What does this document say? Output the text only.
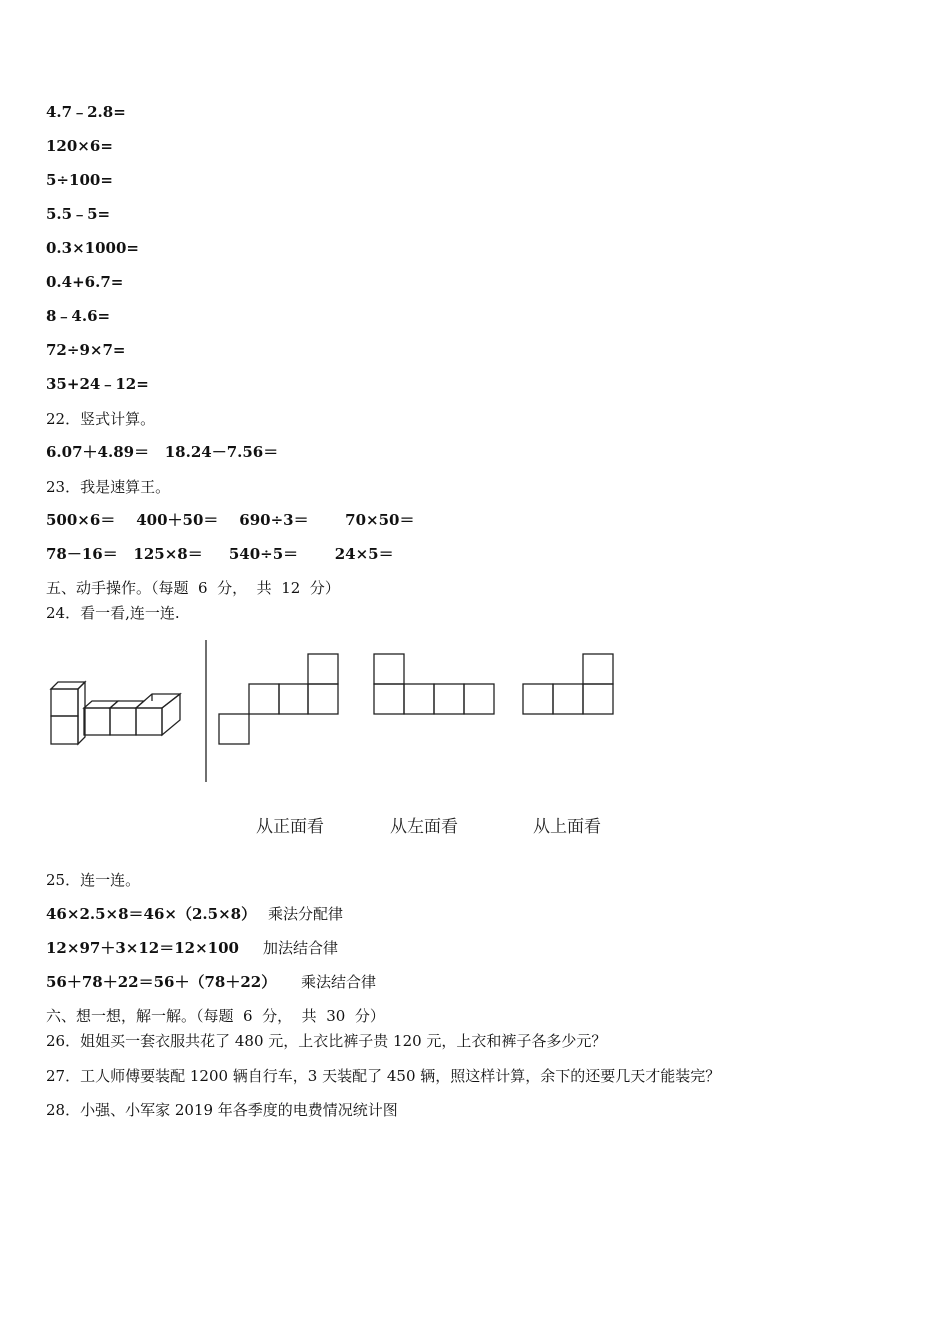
4.7﹣2.8=
120×6=
5÷100=
5.5﹣5=
0.3×1000=
0.4+6.7=
8﹣4.6=
72÷9×7=
35+24﹣12=
22．竖式计算。
6.07＋4.89＝   18.24－7.56＝
23．我是速算王。
500×6＝    400＋50＝    690÷3＝       70×50＝
78－16＝   125×8＝     540÷5＝       24×5＝
五、动手操作。（每题  6  分，  共  12  分）
24．看一看,连一连.
从正面看	从左面看	从上面看
25．连一连。
46×2.5×8＝46×（2.5×8） 乘法分配律
12×97＋3×12＝12×100 加法结合律
56＋78＋22＝56＋（78＋22） 乘法结合律
六、想一想，解一解。（每题  6  分，  共  30  分）
26．姐姐买一套衣服共花了 480 元，上衣比裤子贵 120 元，上衣和裤子各多少元？
27．工人师傅要装配 1200 辆自行车，3 天装配了 450 辆，照这样计算，余下的还要几天才能装完？
28．小强、小军家 2019 年各季度的电费情况统计图
